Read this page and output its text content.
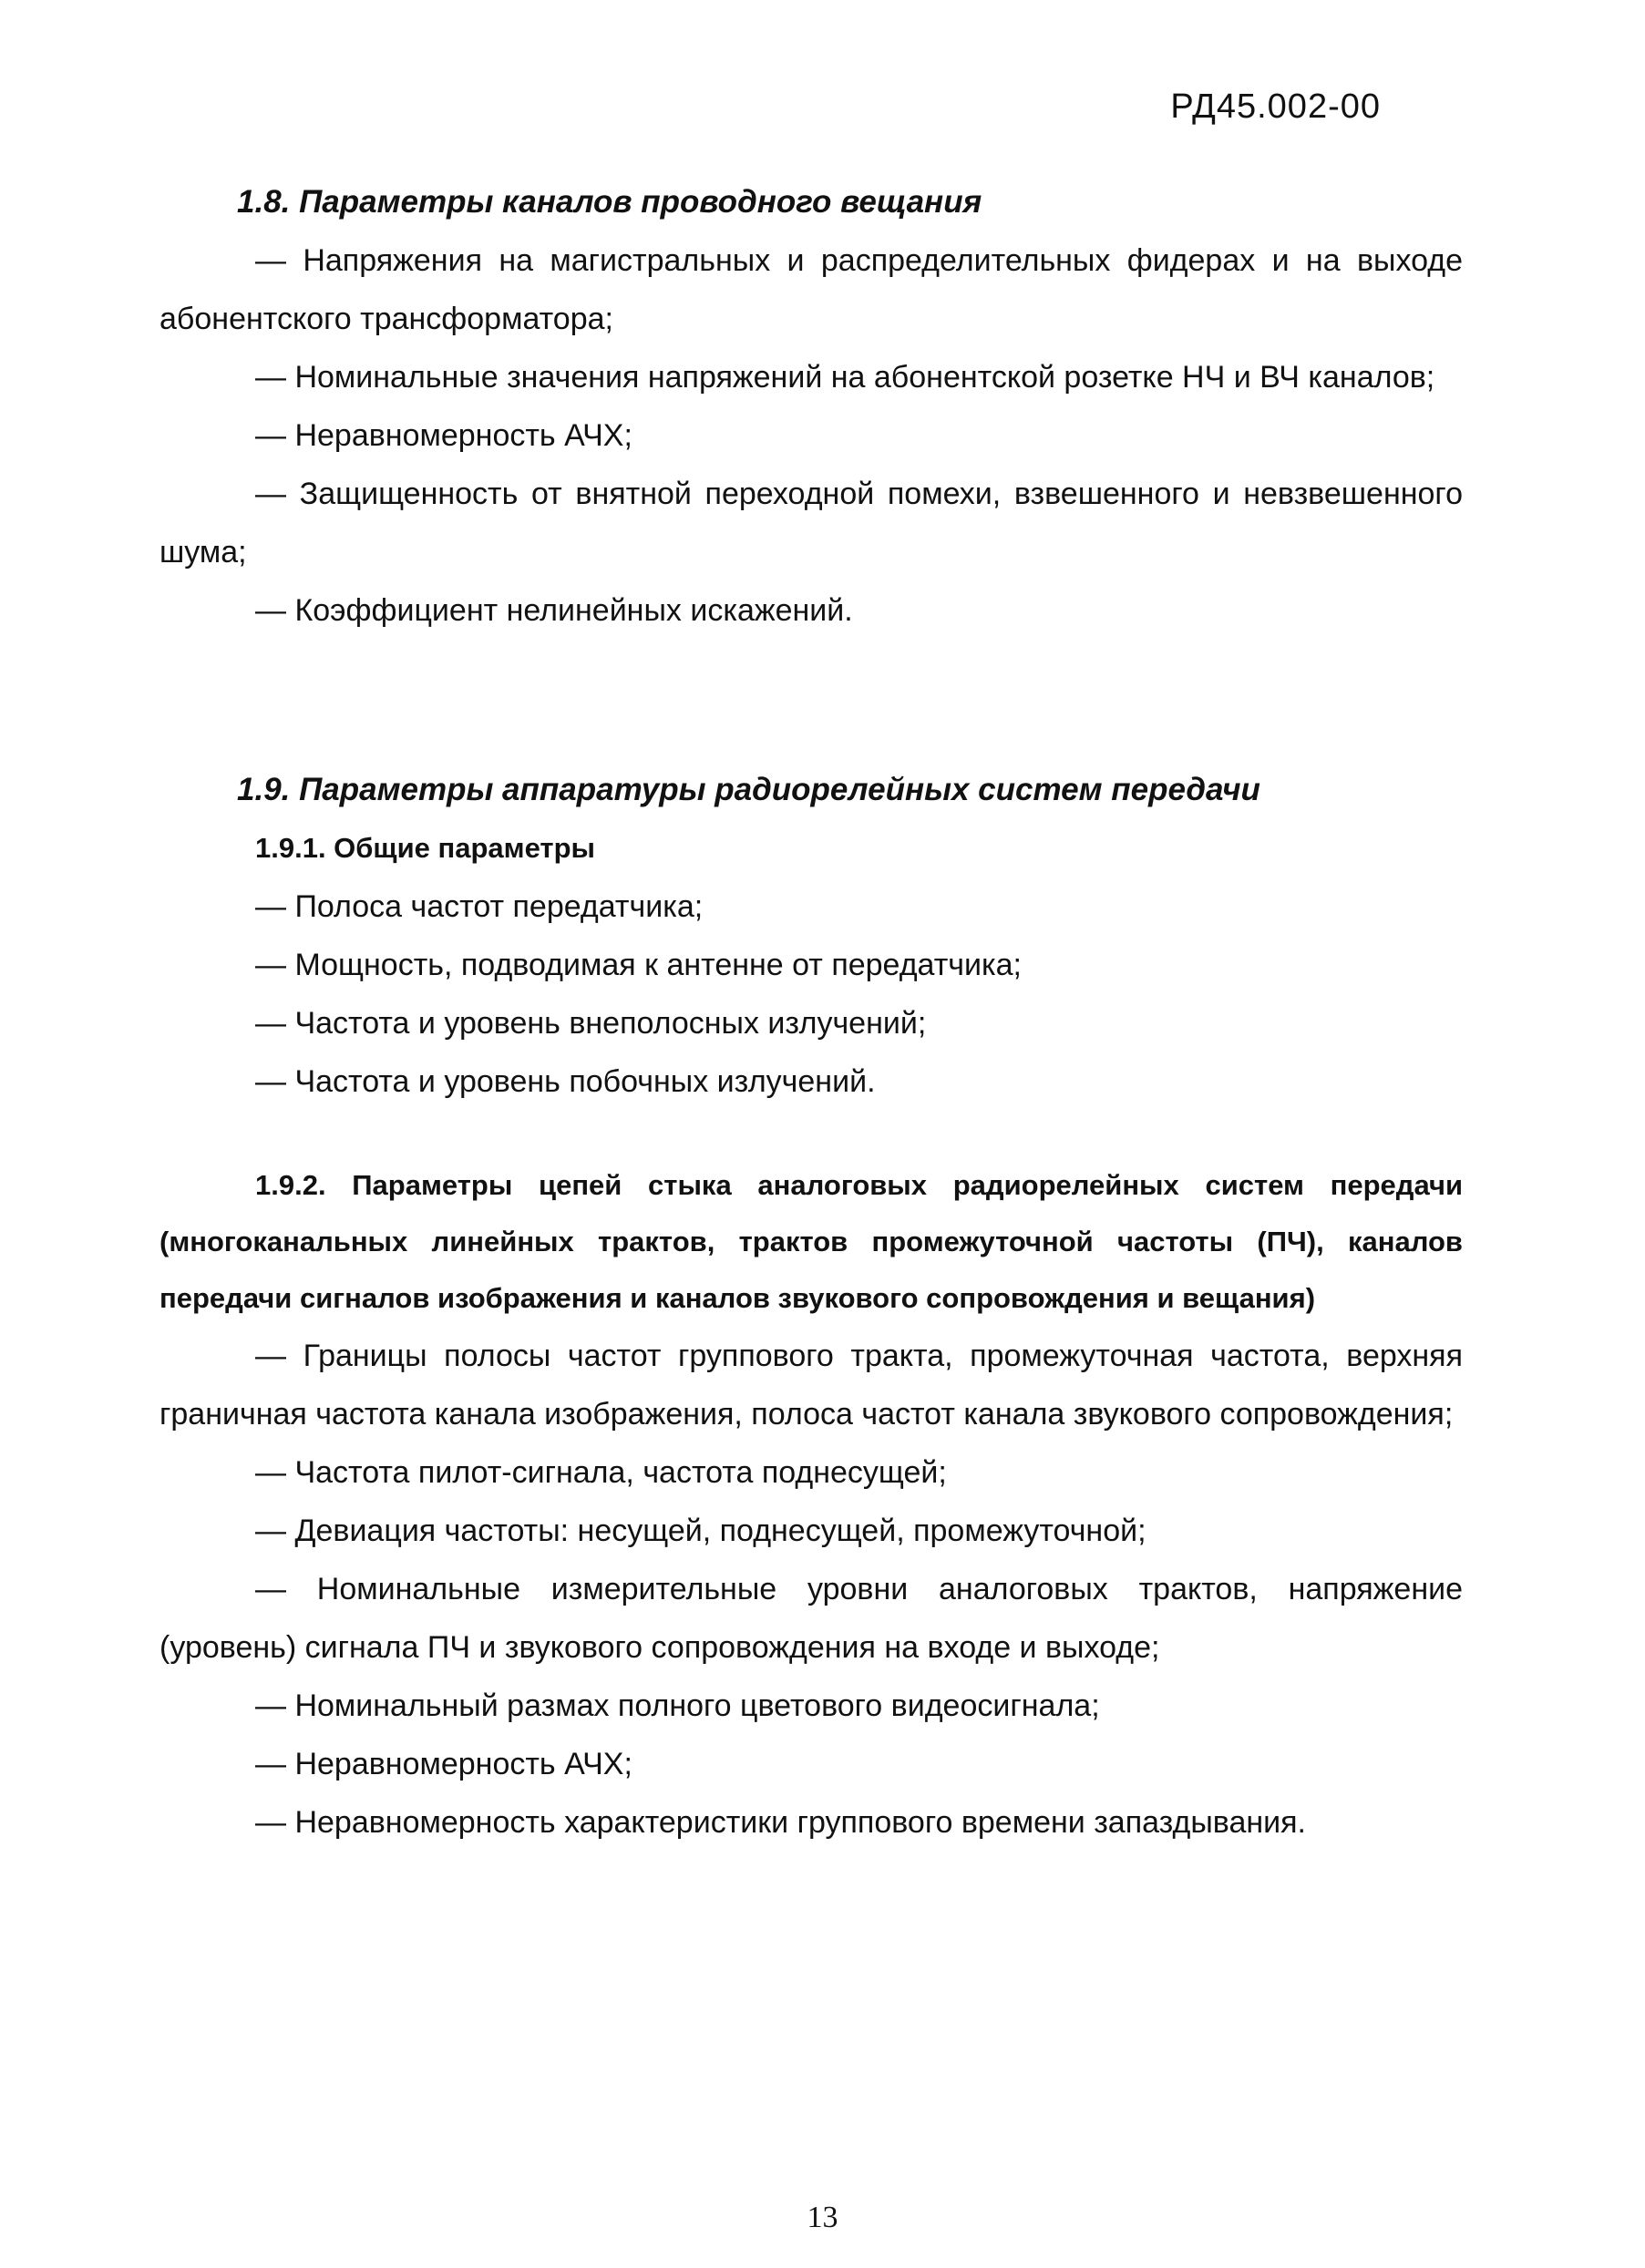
РД45.002-00

1.8. Параметры каналов проводного вещания

— Напряжения на магистральных и распределительных фидерах и на выходе абонентского трансформатора;

— Номинальные значения напряжений на абонентской розетке НЧ и ВЧ каналов;

— Неравномерность АЧХ;

— Защищенность от внятной переходной помехи, взвешенного и невзвешенного шума;

— Коэффициент нелинейных искажений.

1.9. Параметры аппаратуры радиорелейных систем передачи

1.9.1. Общие параметры

— Полоса частот передатчика;

— Мощность, подводимая к антенне от передатчика;

— Частота и уровень внеполосных излучений;

— Частота и уровень побочных излучений.

1.9.2. Параметры цепей стыка аналоговых радиорелейных систем передачи (многоканальных линейных трактов, трактов промежуточной частоты (ПЧ), каналов передачи сигналов изображения и каналов звукового сопровождения и вещания)

— Границы полосы частот группового тракта, промежуточная частота, верхняя граничная частота канала изображения, полоса частот канала звукового сопровождения;

— Частота пилот-сигнала, частота поднесущей;

— Девиация частоты: несущей, поднесущей, промежуточной;

— Номинальные измерительные уровни аналоговых трактов, напряжение (уровень) сигнала ПЧ и звукового сопровождения на входе и выходе;

— Номинальный размах полного цветового видеосигнала;

— Неравномерность АЧХ;

— Неравномерность характеристики группового времени запаздывания.

13
